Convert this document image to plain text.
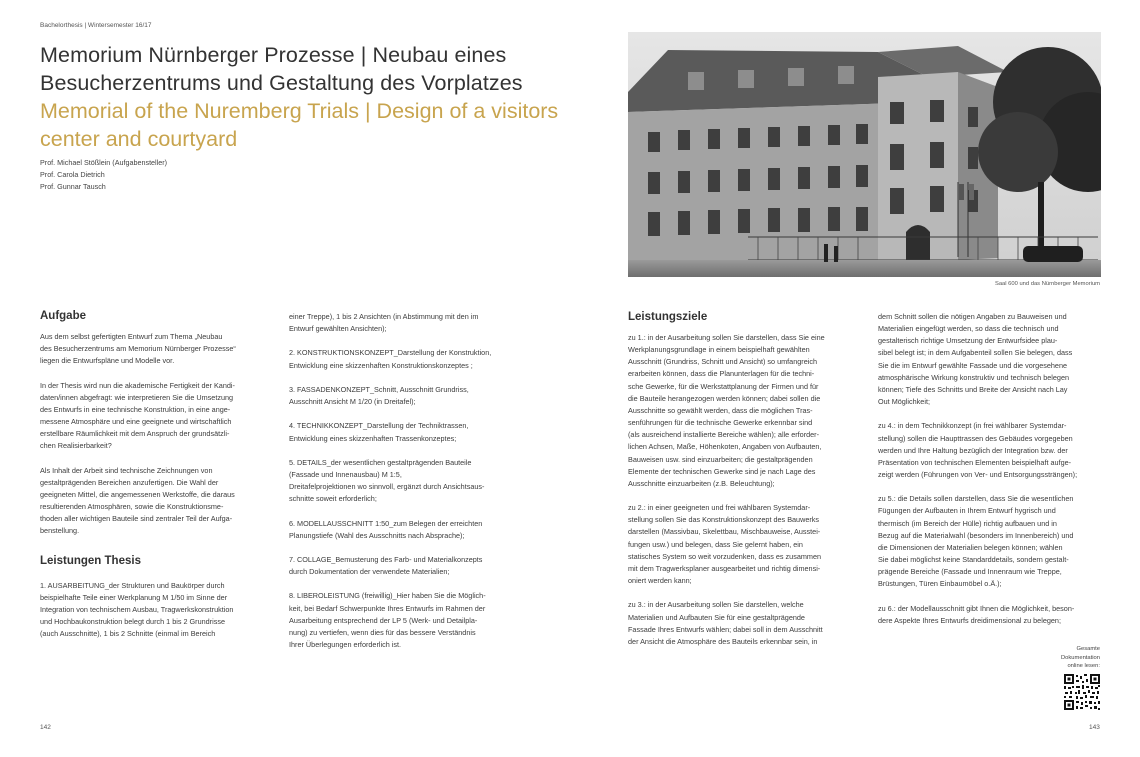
Bachelorthesis | Wintersemester 16/17
Memorium Nürnberger Prozesse | Neubau eines Besucherzentrums und Gestaltung des Vorplatzes
Memorial of the Nuremberg Trials | Design of a visitors center and courtyard
Prof. Michael Stößlein (Aufgabensteller)
Prof. Carola Dietrich
Prof. Gunnar Tausch
Aufgabe

Aus dem selbst gefertigten Entwurf zum Thema „Neubau
des Besucherzentrums am Memorium Nürnberger Prozesse“
liegen die Entwurfspläne und Modelle vor.

In der Thesis wird nun die akademische Fertigkeit der Kandi-
daten/innen abgefragt: wie interpretieren Sie die Umsetzung
des Entwurfs in eine technische Konstruktion, in eine ange-
messene Atmosphäre und eine geeignete und wirtschaftlich
erstellbare Räumlichkeit mit dem Anspruch der grundsätzli-
chen Realisierbarkeit?

Als Inhalt der Arbeit sind technische Zeichnungen von
gestaltprägenden Bereichen anzufertigen. Die Wahl der
geeigneten Mittel, die angemessenen Werkstoffe, die daraus
resultierenden Atmosphären, sowie die Konstruktionsme-
thoden aller wichtigen Bauteile sind zentraler Teil der Aufga-
benstellung.

Leistungen Thesis

1. AUSARBEITUNG_der Strukturen und Baukörper durch
beispielhafte Teile einer Werkplanung M 1/50 im Sinne der
Integration von technischem Ausbau, Tragwerkskonstruktion
und Hochbaukonstruktion belegt durch 1 bis 2 Grundrisse
(auch Ausschnitte), 1 bis 2 Schnitte (einmal im Bereich

einer Treppe), 1 bis 2 Ansichten (in Abstimmung mit den im
Entwurf gewählten Ansichten);

2. KONSTRUKTIONSKONZEPT_Darstellung der Konstruktion,
Entwicklung eine skizzenhaften Konstruktionskonzeptes ;

3. FASSADENKONZEPT_Schnitt, Ausschnitt Grundriss,
Ausschnitt Ansicht M 1/20 (in Dreitafel);

4. TECHNIKKONZEPT_Darstellung der Techniktrassen,
Entwicklung eines skizzenhaften Trassenkonzeptes;

5. DETAILS_der wesentlichen gestaltprägenden Bauteile
(Fassade und Innenausbau) M 1:5,
Dreitafelprojektionen wo sinnvoll, ergänzt durch Ansichtsaus-
schnitte soweit erforderlich;

6. MODELLAUSSCHNITT 1:50_zum Belegen der erreichten
Planungstiefe (Wahl des Ausschnitts nach Absprache);

7. COLLAGE_Bemusterung des Farb- und Materialkonzepts
durch Dokumentation der verwendete Materialien;

8. LIBEROLEISTUNG (freiwillig)_Hier haben Sie die Möglich-
keit, bei Bedarf Schwerpunkte Ihres Entwurfs im Rahmen der
Ausarbeitung entsprechend der LP 5 (Werk- und Detailpla-
nung) zu vertiefen, wenn dies für das bessere Verständnis
Ihrer Überlegungen erforderlich ist.

142
Saal 600 und das Nürnberger Memorium
Leistungsziele

zu 1.: in der Ausarbeitung sollen Sie darstellen, dass Sie eine
Werkplanungsgrundlage in einem beispielhaft gewählten
Ausschnitt (Grundriss, Schnitt und Ansicht) so umfangreich
erarbeiten können, dass die Planunterlagen für die techni-
sche Gewerke, für die Werkstattplanung der Firmen und für
die Bauteile herangezogen werden können; dabei sollen die
Ausschnitte so gewählt werden, dass die möglichen Tras-
senführungen für die technische Gewerke erkennbar sind
(als ausreichend installierte Bereiche wählen); alle erforder-
lichen Achsen, Maße, Höhenkoten, Angaben von Aufbauten,
Bauweisen usw. sind einzuarbeiten; die gestaltprägenden
Elemente der technischen Gewerke sind je nach Lage des
Ausschnitte einzuarbeiten (z.B. Beleuchtung);

zu 2.: in einer geeigneten und frei wählbaren Systemdar-
stellung sollen Sie das Konstruktionskonzept des Bauwerks
darstellen (Massivbau, Skelettbau, Mischbauweise, Ausstei-
fungen usw.) und belegen, dass Sie gelernt haben, ein
statisches System so weit vorzudenken, dass es zusammen
mit dem Tragwerksplaner ausgearbeitet und richtig dimensi-
oniert werden kann;

zu 3.: in der Ausarbeitung sollen Sie darstellen, welche
Materialien und Aufbauten Sie für eine gestaltprägende
Fassade Ihres Entwurfs wählen; dabei soll in dem Ausschnitt
der Ansicht die Atmosphäre des Bauteils erkennbar sein, in

dem Schnitt sollen die nötigen Angaben zu Bauweisen und
Materialien eingefügt werden, so dass die technisch und
gestalterisch richtige Umsetzung der Entwurfsidee plau-
sibel belegt ist; in dem Aufgabenteil sollen Sie belegen, dass
Sie die im Entwurf gewählte Fassade und die vorgesehene
atmosphärische Wirkung konstruktiv und technisch belegen
können; Tiefe des Schnitts und Breite der Ansicht nach Lay
Out Möglichkeit;

zu 4.: in dem Technikkonzept (in frei wählbarer Systemdar-
stellung) sollen die Haupttrassen des Gebäudes vorgegeben
werden und Ihre Haltung bezüglich der Integration bzw. der
Präsentation von technischen Elementen beispielhaft aufge-
zeigt werden (Führungen von Ver- und Entsorgungssträngen);

zu 5.: die Details sollen darstellen, dass Sie die wesentlichen
Fügungen der Aufbauten in Ihrem Entwurf hygrisch und
thermisch (im Bereich der Hülle) richtig aufbauen und in
Bezug auf die Materialwahl (besonders im Innenbereich) und
die Dimensionen der Materialien belegen können; wählen
Sie dabei möglichst keine Standarddetails, sondern gestalt-
prägende Bereiche (Fassade und Innenraum wie Treppe,
Brüstungen, Türen Einbaumöbel o.Ä.);

zu 6.: der Modellausschnitt gibt Ihnen die Möglichkeit, beson-
dere Aspekte Ihres Entwurfs dreidimensional zu belegen;

Gesamte
Dokumentation
online lesen:
143
